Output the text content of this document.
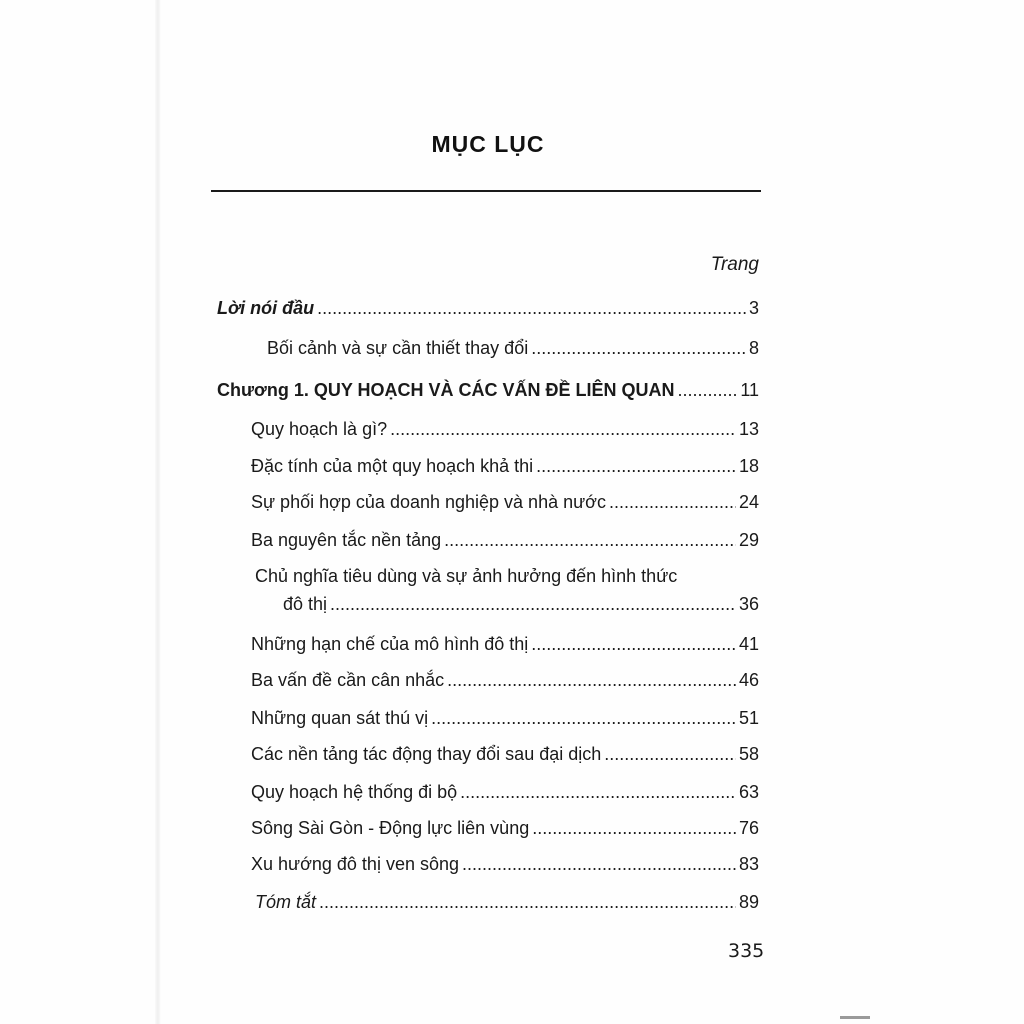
MỤC LỤC
Trang
Lời nói đầu .....	3
Bối cảnh và sự cần thiết thay đổi .....	8
Chương 1. QUY HOẠCH VÀ CÁC VẤN ĐỀ LIÊN QUAN .....	11
Quy hoạch là gì? .....	13
Đặc tính của một quy hoạch khả thi .....	18
Sự phối hợp của doanh nghiệp và nhà nước .....	24
Ba nguyên tắc nền tảng .....	29
Chủ nghĩa tiêu dùng và sự ảnh hưởng đến hình thức
đô thị .....	36
Những hạn chế của mô hình đô thị .....	41
Ba vấn đề cần cân nhắc .....	46
Những quan sát thú vị .....	51
Các nền tảng tác động thay đổi sau đại dịch .....	58
Quy hoạch hệ thống đi bộ .....	63
Sông Sài Gòn - Động lực liên vùng .....	76
Xu hướng đô thị ven sông .....	83
Tóm tắt .....	89
335
